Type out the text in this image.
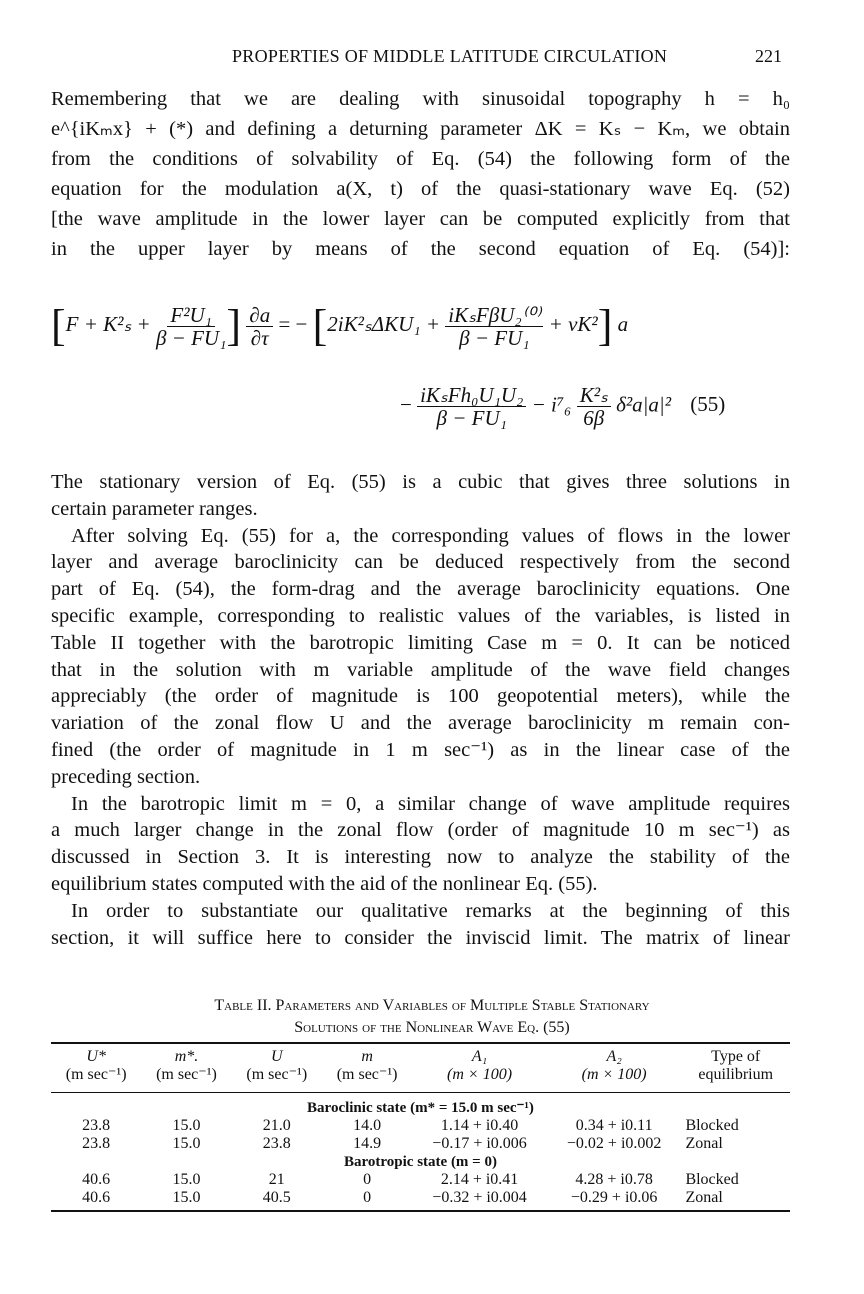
PROPERTIES OF MIDDLE LATITUDE CIRCULATION	221
Remembering that we are dealing with sinusoidal topography h = h₀
e^{iKₘx} + (*) and defining a deturning parameter ΔK = Kₛ − Kₘ, we obtain
from the conditions of solvability of Eq. (54) the following form of the
equation for the modulation a(X, t) of the quasi-stationary wave Eq. (52)
[the wave amplitude in the lower layer can be computed explicitly from that
in the upper layer by means of the second equation of Eq. (54)]:
[$F + K^2_s + \frac{\text{F²U₁}}{\text{β − FU₁}}$ ] $\frac{\partial a}{\partial\tau}$ = − $[2iK^2_s\Delta KU_1 + \frac{\text{iKₛFβU₂⁽⁰⁾}}{\text{β − FU₁}} + \nu K^2]$ a
− $\frac{\text{iKₛFh₀U₁U₂}}{\text{β − FU₁}} - i^7_6 \frac{\text{K²ₛ}}{6\beta} \delta^2a|a|^2$ (55)
The stationary version of Eq. (55) is a cubic that gives three solutions in
certain parameter ranges.
After solving Eq. (55) for a, the corresponding values of flows in the lower
layer and average baroclinicity can be deduced respectively from the second
part of Eq. (54), the form-drag and the average baroclinicity equations. One
specific example, corresponding to realistic values of the variables, is listed in
Table II together with the barotropic limiting Case m = 0. It can be noticed
that in the solution with m variable amplitude of the wave field changes
appreciably (the order of magnitude is 100 geopotential meters), while the
variation of the zonal flow U and the average baroclinicity m remain con-
fined (the order of magnitude in 1 m sec⁻¹) as in the linear case of the
preceding section.
In the barotropic limit m = 0, a similar change of wave amplitude requires
a much larger change in the zonal flow (order of magnitude 10 m sec⁻¹) as
discussed in Section 3. It is interesting now to analyze the stability of the
equilibrium states computed with the aid of the nonlinear Eq. (55).
In order to substantiate our qualitative remarks at the beginning of this
section, it will suffice here to consider the inviscid limit. The matrix of linear
Table II. Parameters and Variables of Multiple Stable Stationary
Solutions of the Nonlinear Wave Eq. (55)
U*	m*.	U	m	A₁	A₂	Type of
(m sec⁻¹)	(m sec⁻¹)	(m sec⁻¹)	(m sec⁻¹)	(m × 100)	(m × 100)	equilibrium
Baroclinic state (m* = 15.0 m sec⁻¹)						
23.8	15.0	21.0	14.0	1.14 + i0.40	0.34 + i0.11	Blocked
23.8	15.0	23.8	14.9	−0.17 + i0.006	−0.02 + i0.002	Zonal
Barotropic state (m = 0)						
40.6	15.0	21	0	2.14 + i0.41	4.28 + i0.78	Blocked
40.6	15.0	40.5	0	−0.32 + i0.004	−0.29 + i0.06	Zonal
